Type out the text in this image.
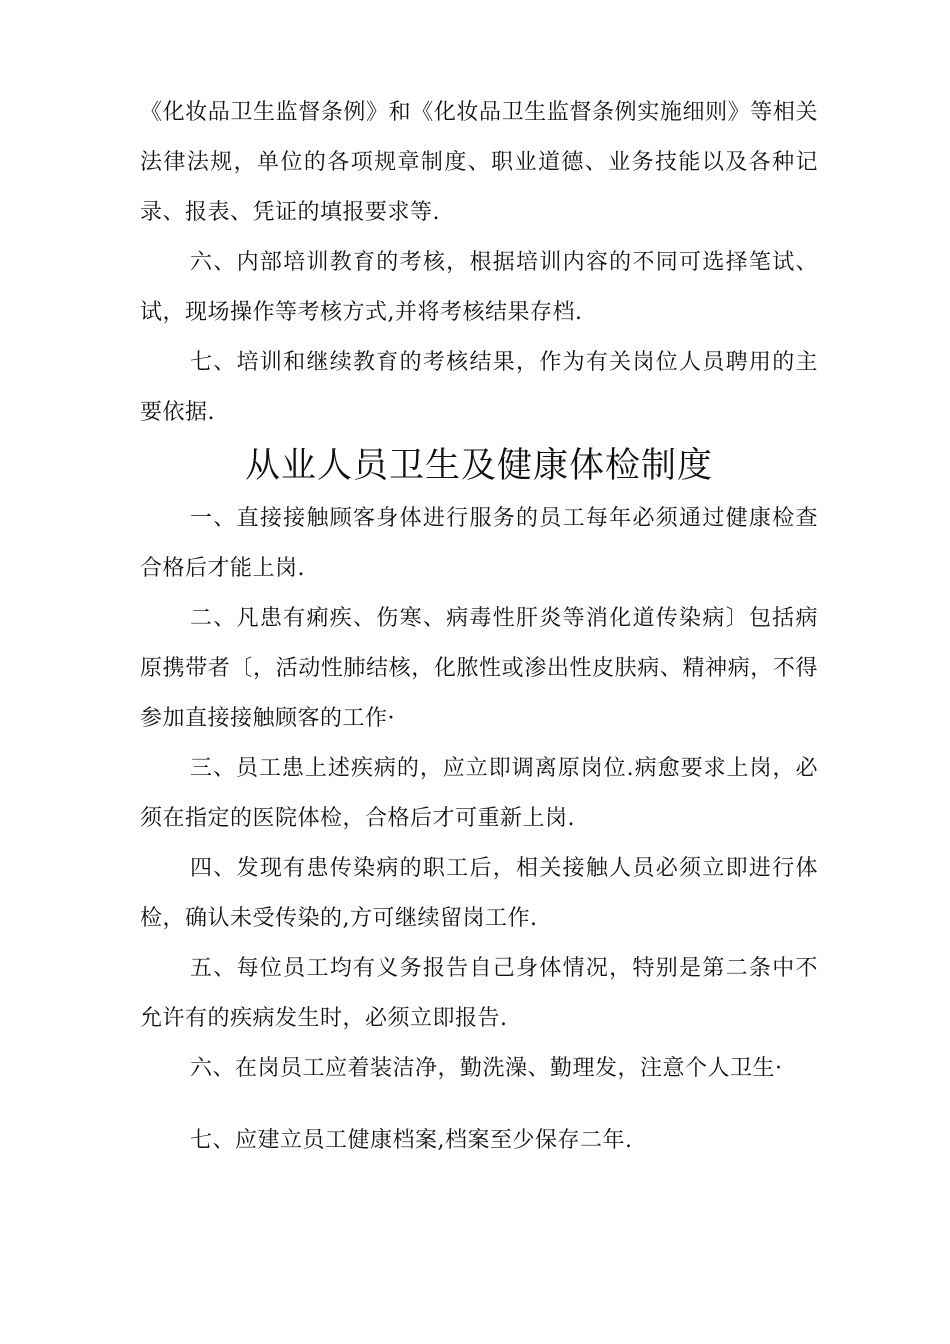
《化妆品卫生监督条例》和《化妆品卫生监督条例实施细则》等相关法律法规，单位的各项规章制度、职业道德、业务技能以及各种记录、报表、凭证的填报要求等.

六、内部培训教育的考核，根据培训内容的不同可选择笔试、试，现场操作等考核方式,并将考核结果存档.

七、培训和继续教育的考核结果，作为有关岗位人员聘用的主要依据.

从业人员卫生及健康体检制度

一、直接接触顾客身体进行服务的员工每年必须通过健康检查合格后才能上岗.

二、凡患有痢疾、伤寒、病毒性肝炎等消化道传染病〕包括病原携带者〔，活动性肺结核，化脓性或渗出性皮肤病、精神病，不得参加直接接触顾客的工作·

三、员工患上述疾病的，应立即调离原岗位.病愈要求上岗，必须在指定的医院体检，合格后才可重新上岗.

四、发现有患传染病的职工后，相关接触人员必须立即进行体检，确认未受传染的,方可继续留岗工作.

五、每位员工均有义务报告自己身体情况，特别是第二条中不允许有的疾病发生时，必须立即报告.

六、在岗员工应着装洁净，勤洗澡、勤理发，注意个人卫生·

七、应建立员工健康档案,档案至少保存二年.
